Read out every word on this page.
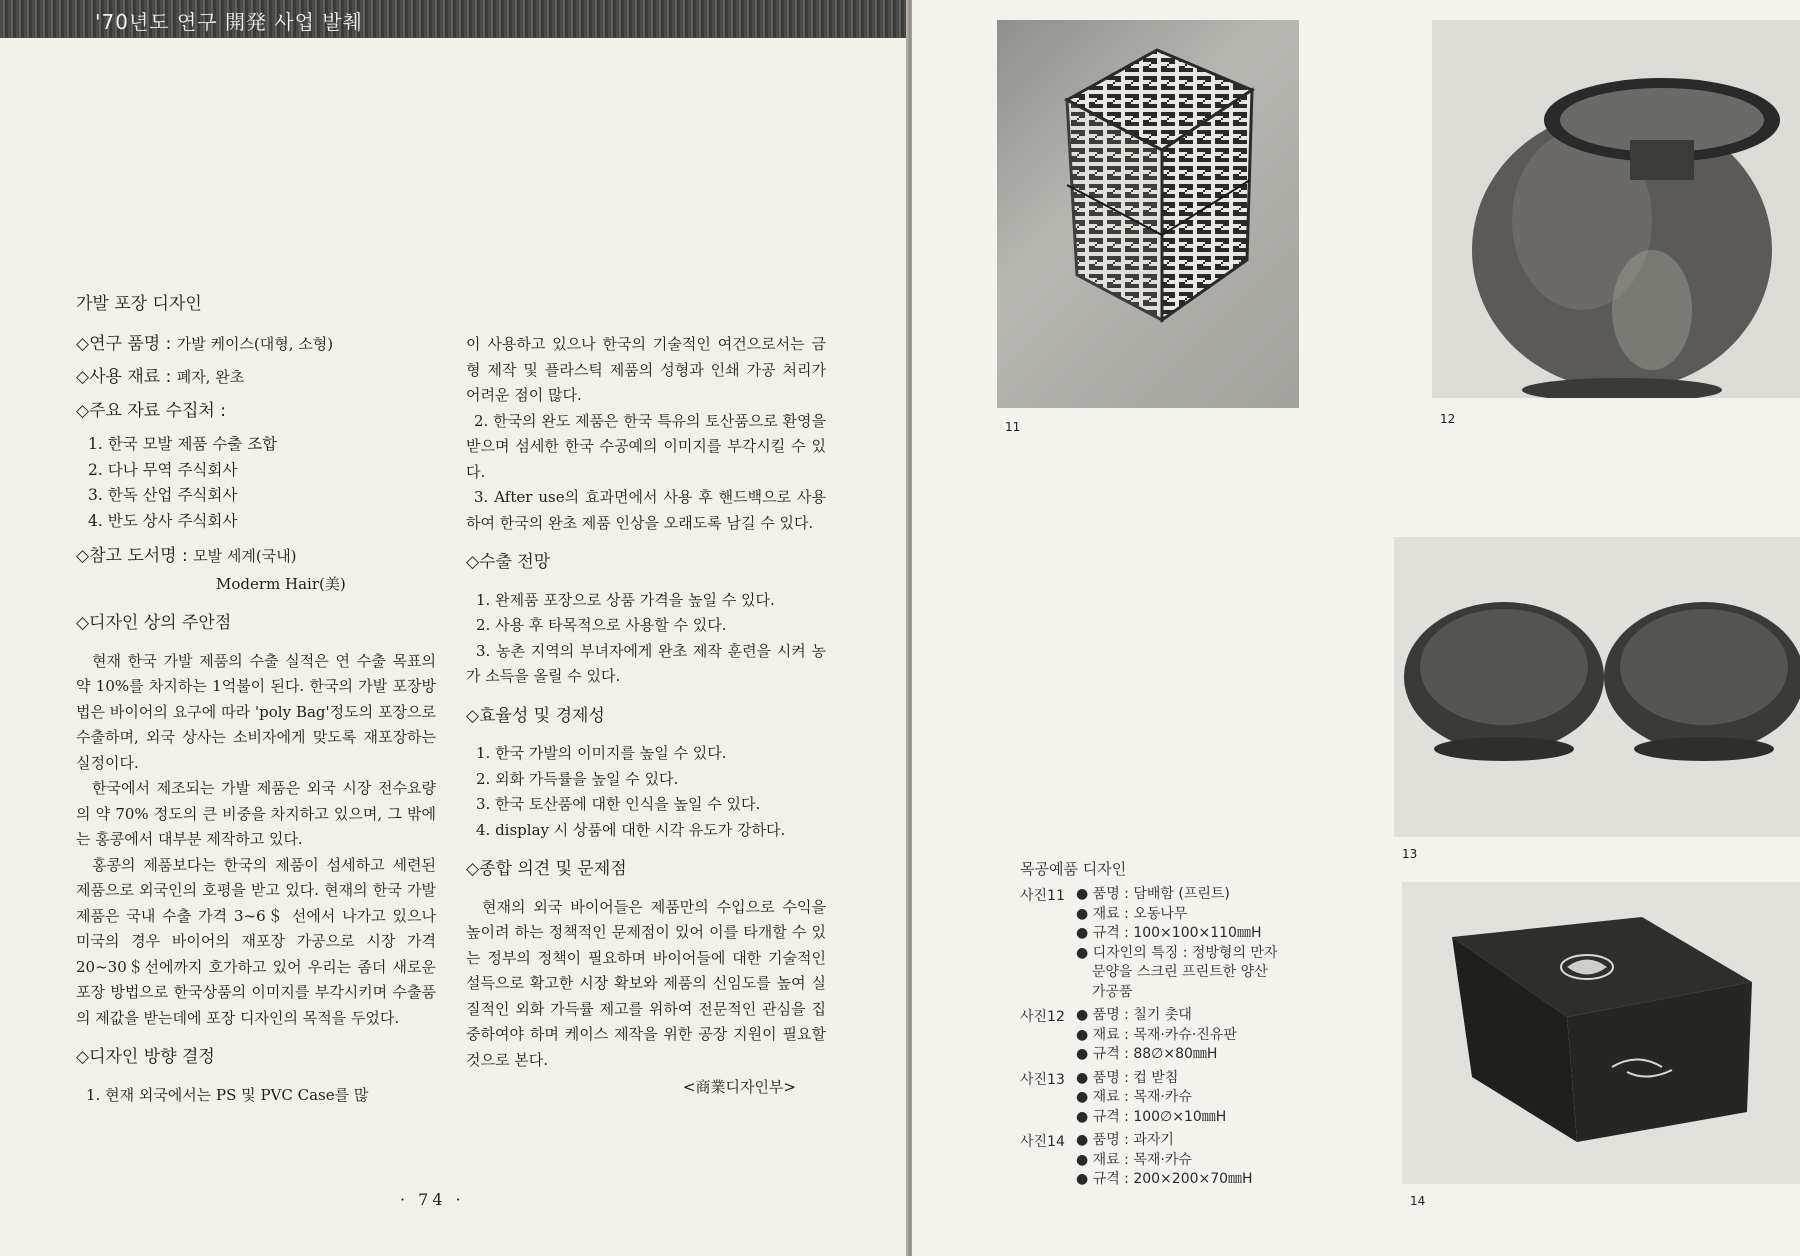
'70년도 연구 開発 사업 발췌
가발 포장 디자인
◇연구 품명 : 가발 케이스(대형, 소형)
◇사용 재료 : 폐자, 완초
◇주요 자료 수집처 :
1. 한국 모발 제품 수출 조합
2. 다나 무역 주식회사
3. 한독 산업 주식회사
4. 반도 상사 주식회사
◇참고 도서명 : 모발 세계(국내)
Moderm Hair(美)
◇디자인 상의 주안점

현재 한국 가발 제품의 수출 실적은 연 수출 목표의 약 10%를 차지하는 1억불이 된다. 한국의 가발 포장방법은 바이어의 요구에 따라 'poly Bag'정도의 포장으로 수출하며, 외국 상사는 소비자에게 맞도록 재포장하는 실정이다.

한국에서 제조되는 가발 제품은 외국 시장 전수요량의 약 70% 정도의 큰 비중을 차지하고 있으며, 그 밖에는 홍콩에서 대부분 제작하고 있다.

홍콩의 제품보다는 한국의 제품이 섬세하고 세련된 제품으로 외국인의 호평을 받고 있다. 현재의 한국 가발 제품은 국내 수출 가격 3~6＄ 선에서 나가고 있으나 미국의 경우 바이어의 재포장 가공으로 시장 가격 20~30＄선에까지 호가하고 있어 우리는 좀더 새로운 포장 방법으로 한국상품의 이미지를 부각시키며 수출품의 제값을 받는데에 포장 디자인의 목적을 두었다.

◇디자인 방향 결정

1. 현재 외국에서는 PS 및 PVC Case를 많

이 사용하고 있으나 한국의 기술적인 여건으로서는 금형 제작 및 플라스틱 제품의 성형과 인쇄 가공 처리가 어려운 점이 많다.

2. 한국의 완도 제품은 한국 특유의 토산품으로 환영을 받으며 섬세한 한국 수공예의 이미지를 부각시킬 수 있다.

3. After use의 효과면에서 사용 후 핸드백으로 사용하여 한국의 완초 제품 인상을 오래도록 남길 수 있다.

◇수출 전망

1. 완제품 포장으로 상품 가격을 높일 수 있다.

2. 사용 후 타목적으로 사용할 수 있다.

3. 농촌 지역의 부녀자에게 완초 제작 훈련을 시켜 농가 소득을 올릴 수 있다.

◇효율성 및 경제성

1. 한국 가발의 이미지를 높일 수 있다.

2. 외화 가득률을 높일 수 있다.

3. 한국 토산품에 대한 인식을 높일 수 있다.

4. display 시 상품에 대한 시각 유도가 강하다.

◇종합 의견 및 문제점

현재의 외국 바이어들은 제품만의 수입으로 수익을 높이려 하는 정책적인 문제점이 있어 이를 타개할 수 있는 정부의 정책이 필요하며 바이어들에 대한 기술적인 설득으로 확고한 시장 확보와 제품의 신임도를 높여 실질적인 외화 가득률 제고를 위하여 전문적인 관심을 집중하여야 하며 케이스 제작을 위한 공장 지원이 필요할 것으로 본다.

<商業디자인부>
· 74 ·
11
12
13
14
목공예품 디자인
사진11 ● 품명 : 담배함 (프린트)
● 재료 : 오동나무
● 규격 : 100×100×110㎜H
● 디자인의 특징 : 정방형의 만자
문양을 스크린 프린트한 양산
가공품
사진12 ● 품명 : 칠기 촛대
● 재료 : 목재·카슈·진유판
● 규격 : 88∅×80㎜H
사진13 ● 품명 : 컵 받침
● 재료 : 목재·카슈
● 규격 : 100∅×10㎜H
사진14 ● 품명 : 과자기
● 재료 : 목재·카슈
● 규격 : 200×200×70㎜H
